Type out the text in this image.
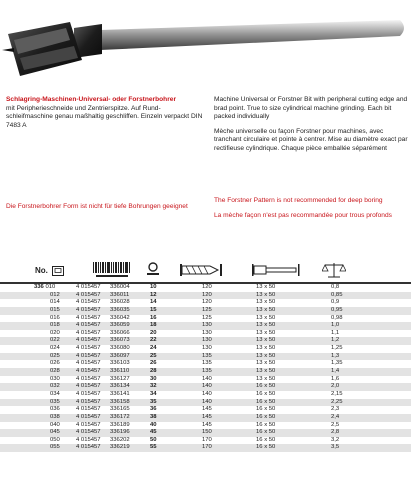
Schlagring-Maschinen-Universal- oder Forstnerbohrer
mit Peripherieschneide und Zentrierspitze. Auf Rund-schleifmaschine genau maßhaltig geschliffen. Einzeln verpackt DIN 7483 A
Die Forstnerbohrer Form ist nicht für tiefe Bohrungen geeignet
Machine Universal or Forstner Bit with peripheral cutting edge and brad point. True to size cylindrical machine grinding. Each bit packed individually
Mèche universelle ou façon Forstner pour machines, avec tranchant circulaire et pointe à centrer. Mise au diamètre exact par rectifieuse cylindrique. Chaque pièce emballée séparément
The Forstner Pattern is not recommended for deep boring
La mèche façon n'est pas recommandée pour trous profonds
No.
336 010	4 015457 336004	10	120	13 x 50	0,8
012	4 015457 336011	12	120	13 x 50	0,85
014	4 015457 336028	14	120	13 x 50	0,9
015	4 015457 336035	15	125	13 x 50	0,95
016	4 015457 336042	16	125	13 x 50	0,98
018	4 015457 336059	18	130	13 x 50	1,0
020	4 015457 336066	20	130	13 x 50	1,1
022	4 015457 336073	22	130	13 x 50	1,2
024	4 015457 336080	24	130	13 x 50	1,25
025	4 015457 336097	25	135	13 x 50	1,3
026	4 015457 336103	26	135	13 x 50	1,35
028	4 015457 336110	28	135	13 x 50	1,4
030	4 015457 336127	30	140	13 x 50	1,6
032	4 015457 336134	32	140	16 x 50	2,0
034	4 015457 336141	34	140	16 x 50	2,15
035	4 015457 336158	35	140	16 x 50	2,25
036	4 015457 336165	36	145	16 x 50	2,3
038	4 015457 336172	38	145	16 x 50	2,4
040	4 015457 336189	40	145	16 x 50	2,5
045	4 015457 336196	45	150	16 x 50	2,8
050	4 015457 336202	50	170	16 x 50	3,2
055	4 015457 336219	55	170	16 x 50	3,5
